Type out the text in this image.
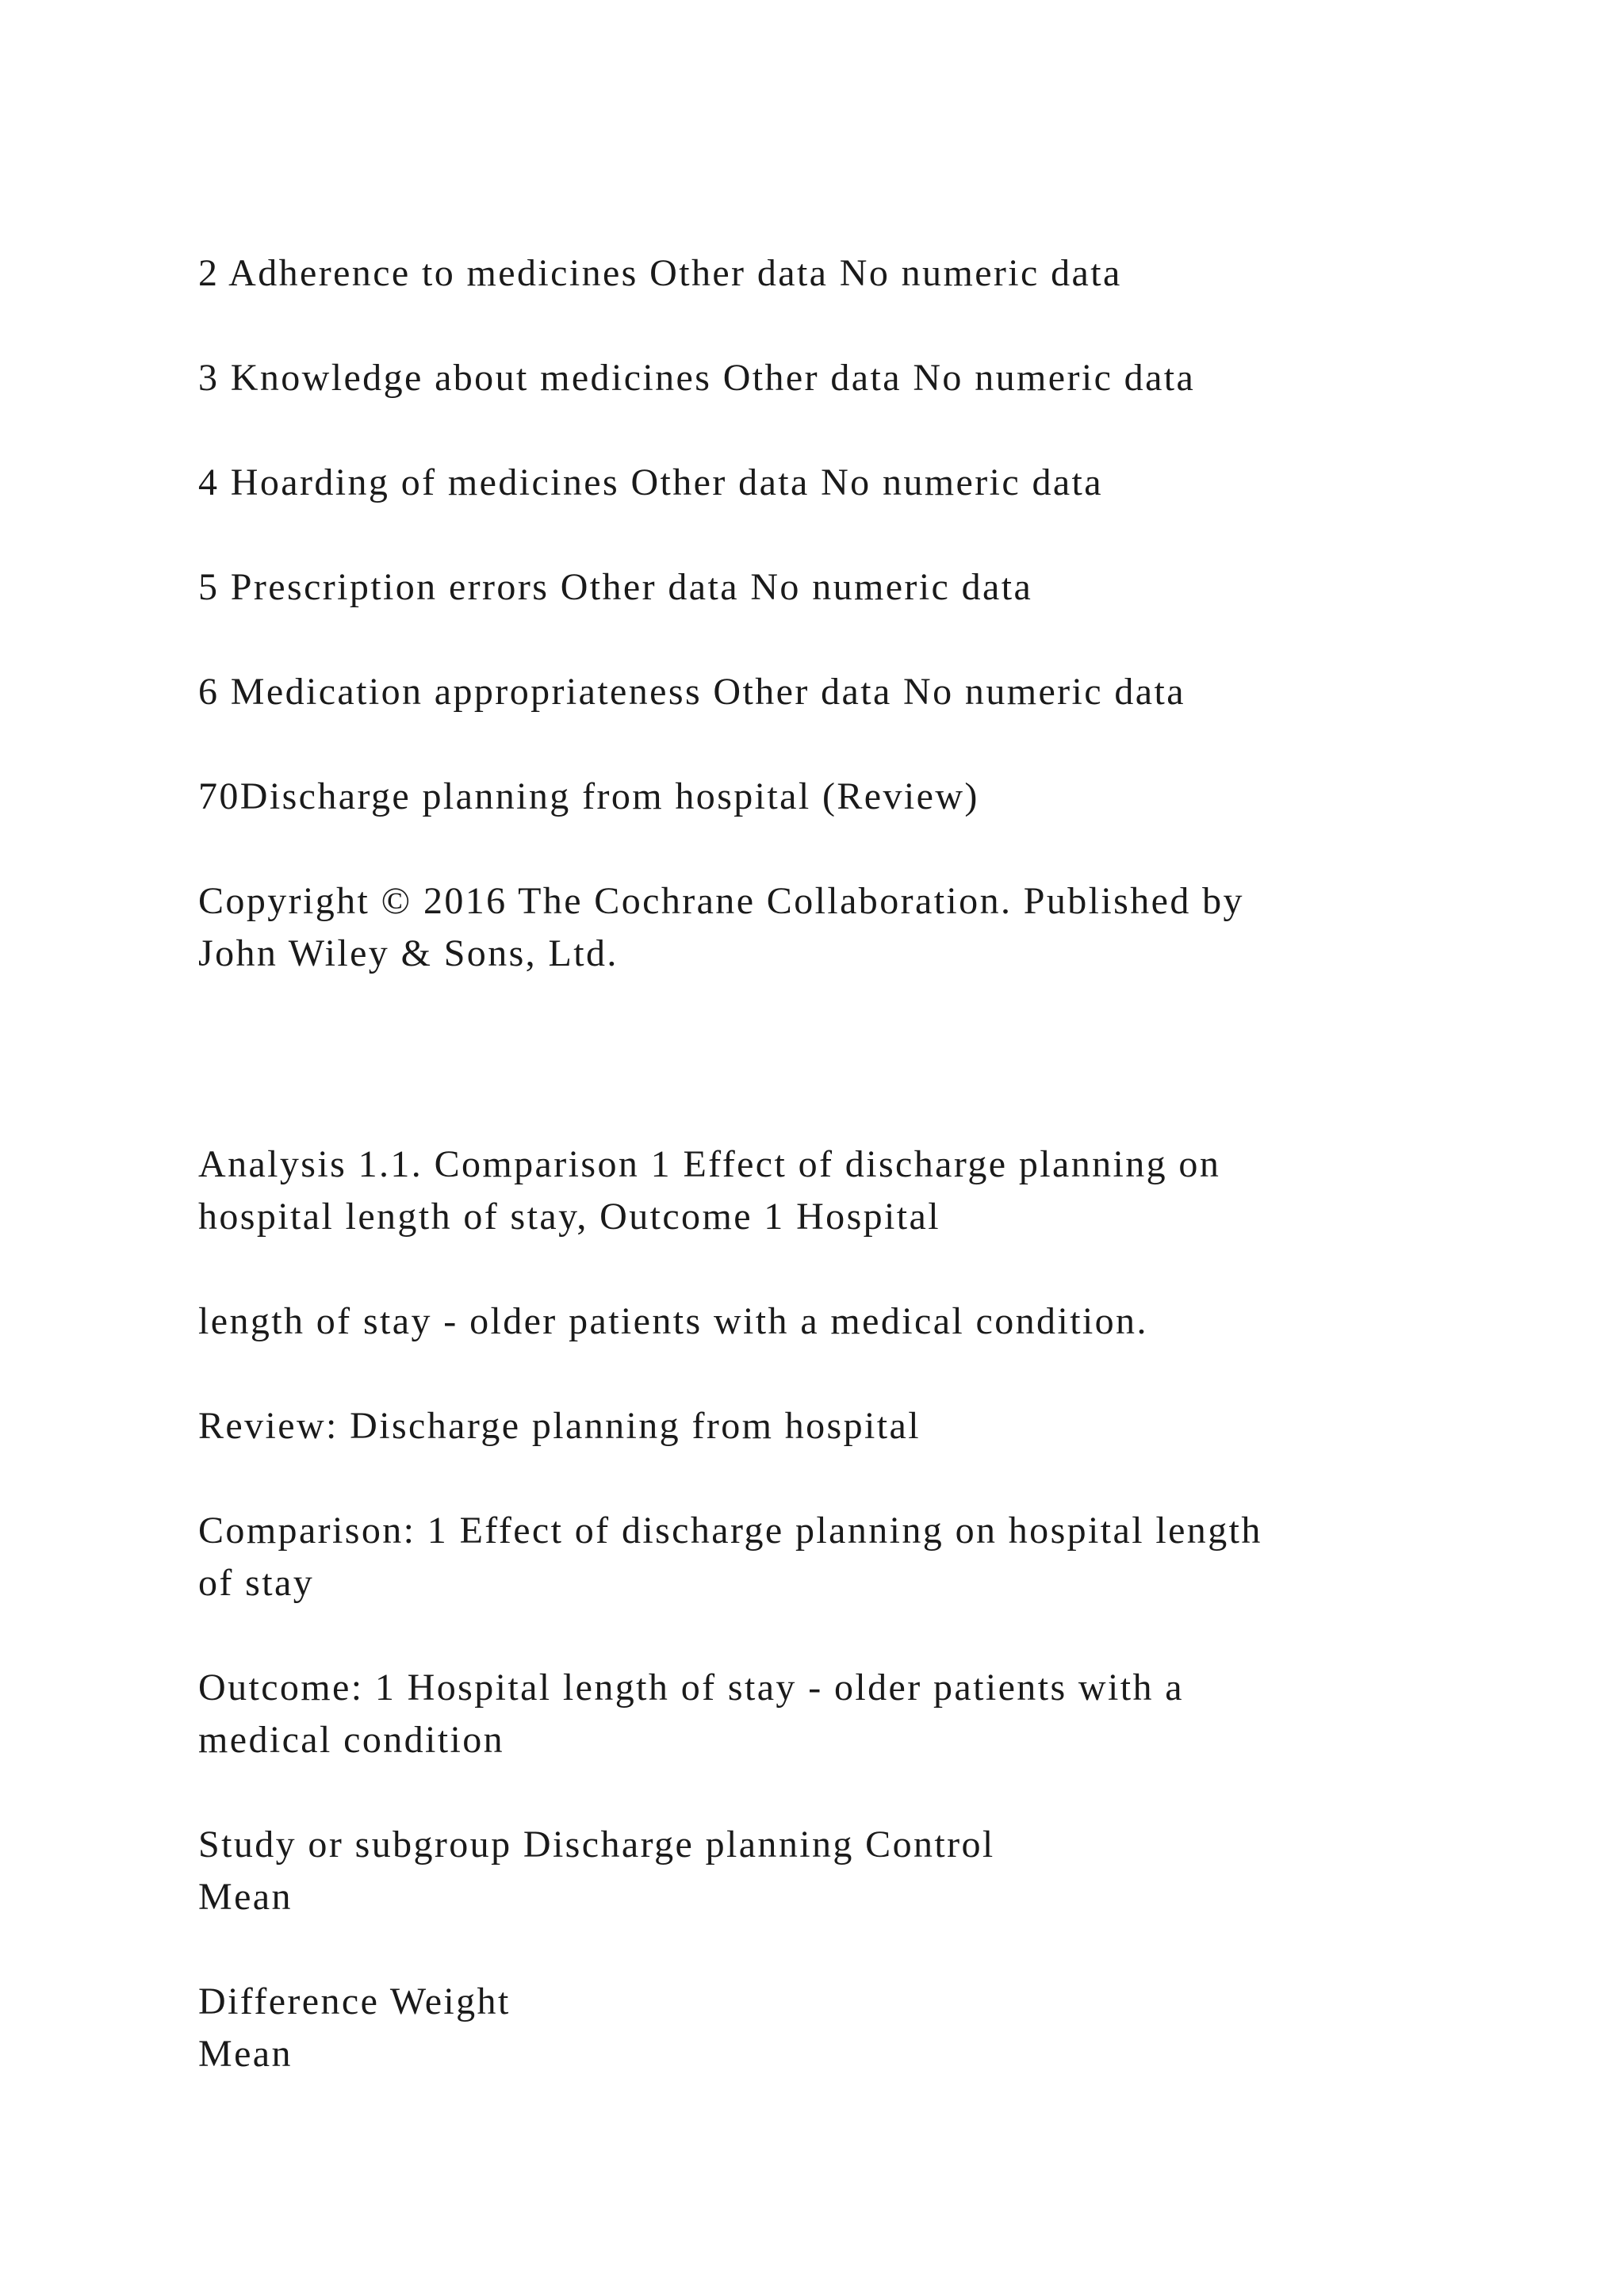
2 Adherence to medicines Other data No numeric data

3 Knowledge about medicines Other data No numeric data

4 Hoarding of medicines Other data No numeric data

5 Prescription errors Other data No numeric data

6 Medication appropriateness Other data No numeric data

70Discharge planning from hospital (Review)

Copyright © 2016 The Cochrane Collaboration. Published by
John Wiley & Sons, Ltd.

Analysis 1.1. Comparison 1 Effect of discharge planning on
hospital length of stay, Outcome 1 Hospital

length of stay - older patients with a medical condition.

Review: Discharge planning from hospital

Comparison: 1 Effect of discharge planning on hospital length
of stay

Outcome: 1 Hospital length of stay - older patients with a
medical condition

Study or subgroup Discharge planning Control
Mean

Difference Weight
Mean
